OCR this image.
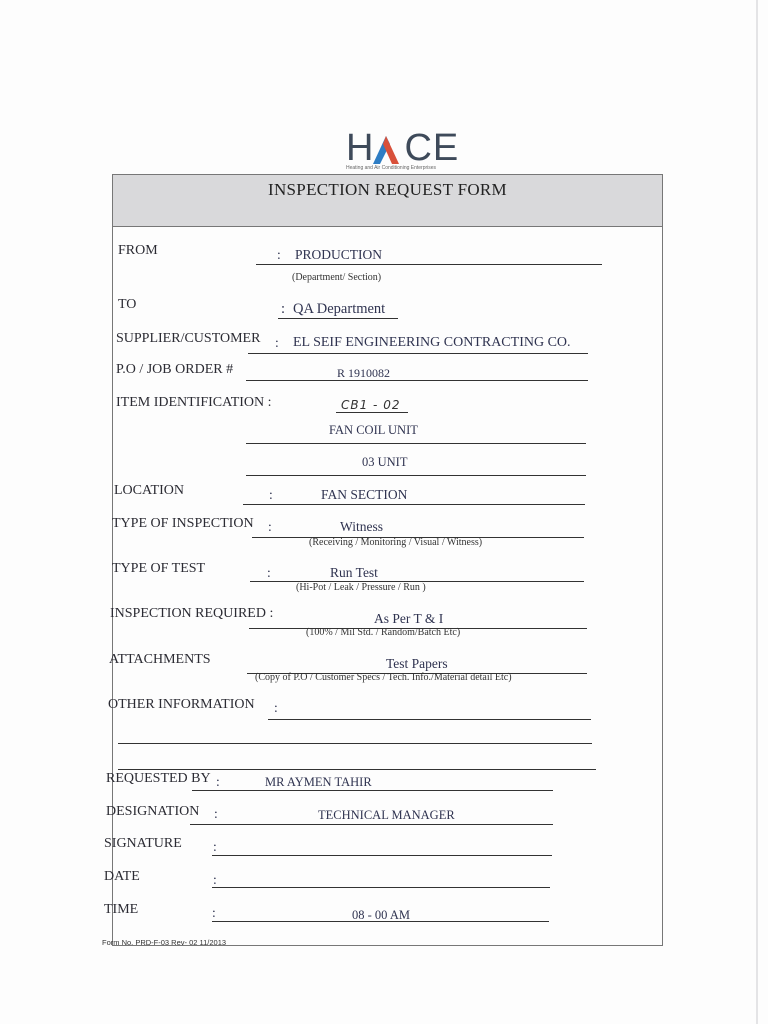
H CE
Heating and Air Conditioning Enterprises
INSPECTION REQUEST FORM
FROM	: PRODUCTION
(Department/ Section)
TO	: QA Department
SUPPLIER/CUSTOMER : EL SEIF ENGINEERING CONTRACTING CO.
P.O / JOB ORDER #	R 1910082
ITEM IDENTIFICATION :	CB1 - 02
FAN COIL UNIT
03 UNIT
LOCATION	:	FAN SECTION
TYPE OF INSPECTION :	Witness
(Receiving / Monitoring / Visual / Witness)
TYPE OF TEST	:	Run Test
(Hi-Pot / Leak / Pressure / Run )
INSPECTION REQUIRED :	As Per T & I
(100% / Mil Std. / Random/Batch Etc)
ATTACHMENTS	Test Papers
(Copy of P.O / Customer Specs / Tech. Info./Material detail Etc)
OTHER INFORMATION :
REQUESTED BY :	MR AYMEN TAHIR
DESIGNATION :	TECHNICAL MANAGER
SIGNATURE :
DATE	:
TIME	:	08 - 00 AM
Form No. PRD-F-03 Rev- 02 11/2013
